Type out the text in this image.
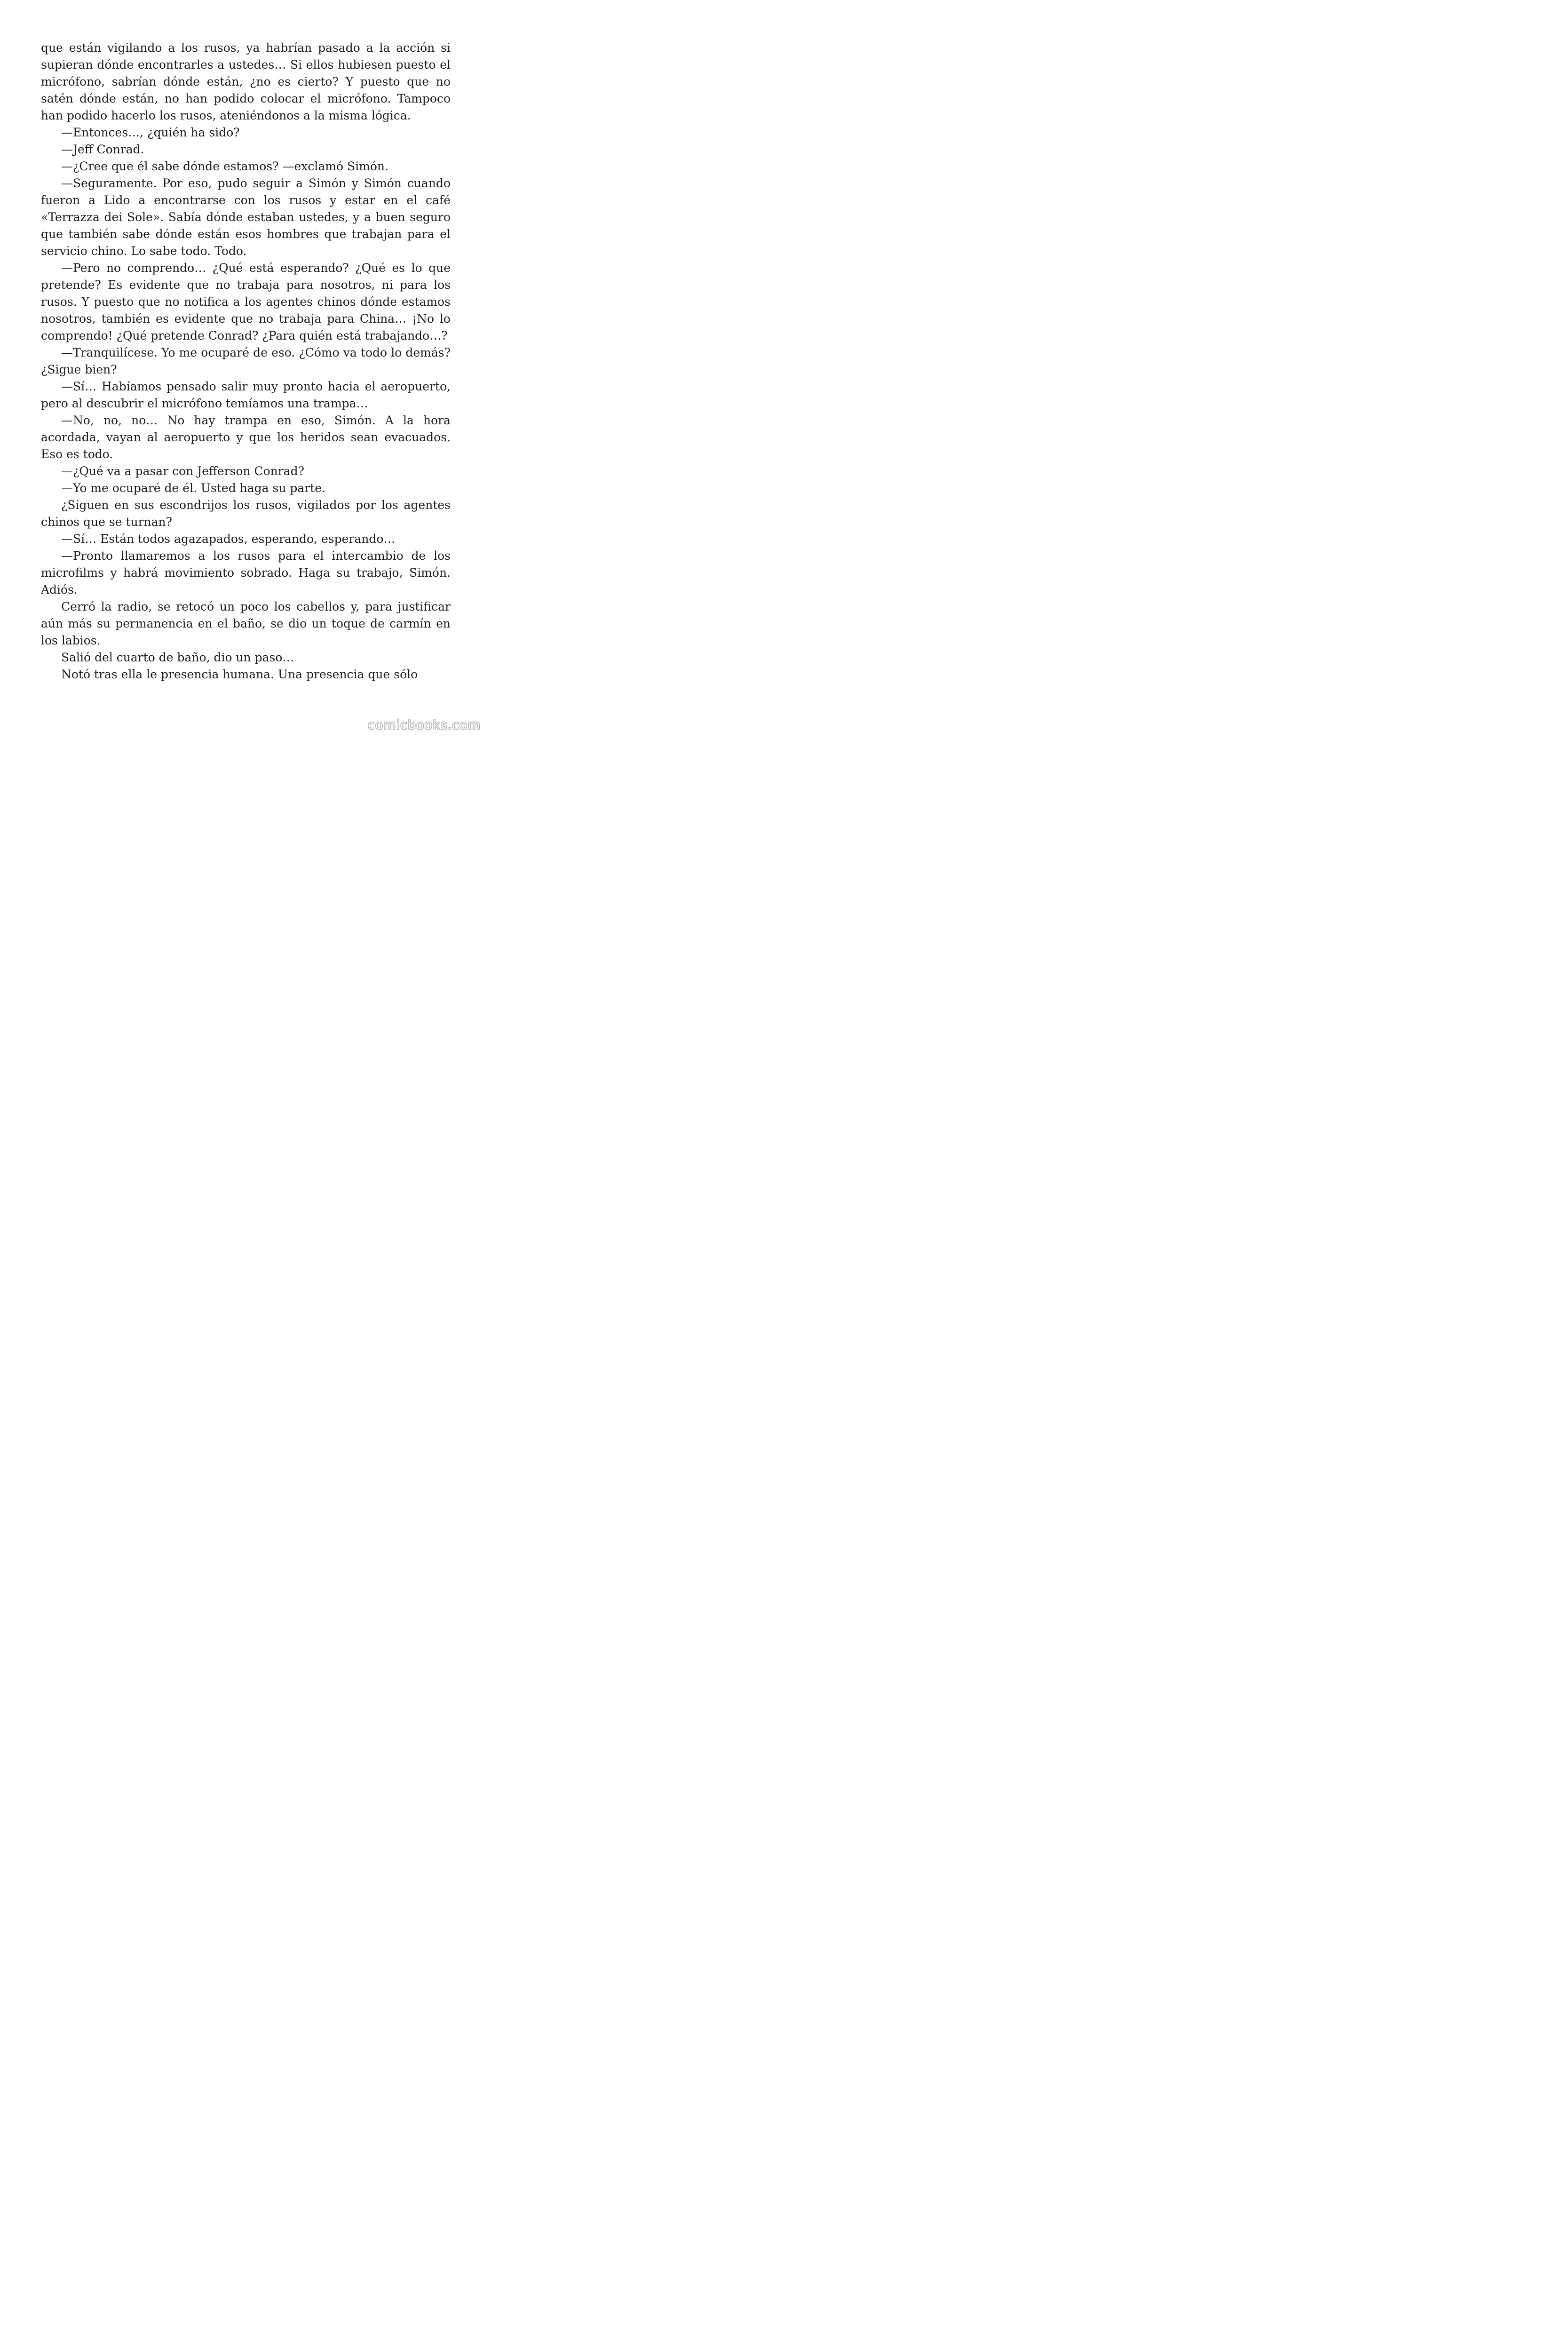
que están vigilando a los rusos, ya habrían pasado a la acción si supieran dónde encontrarles a ustedes… Si ellos hubiesen puesto el micrófono, sabrían dónde están, ¿no es cierto? Y puesto que no satén dónde están, no han podido colocar el micrófono. Tampoco han podido hacerlo los rusos, ateniéndonos a la misma lógica.

—Entonces…, ¿quién ha sido?

—Jeff Conrad.

—¿Cree que él sabe dónde estamos? —exclamó Simón.

—Seguramente. Por eso, pudo seguir a Simón y Simón cuando fueron a Lido a encontrarse con los rusos y estar en el café «Terrazza dei Sole». Sabía dónde estaban ustedes, y a buen seguro que también sabe dónde están esos hombres que trabajan para el servicio chino. Lo sabe todo. Todo.

—Pero no comprendo… ¿Qué está esperando? ¿Qué es lo que pretende? Es evidente que no trabaja para nosotros, ni para los rusos. Y puesto que no notifica a los agentes chinos dónde estamos nosotros, también es evidente que no trabaja para China… ¡No lo comprendo! ¿Qué pretende Conrad? ¿Para quién está trabajando…?

—Tranquilícese. Yo me ocuparé de eso. ¿Cómo va todo lo demás? ¿Sigue bien?

—Sí… Habíamos pensado salir muy pronto hacia el aeropuerto, pero al descubrir el micrófono temíamos una trampa…

—No, no, no… No hay trampa en eso, Simón. A la hora acordada, vayan al aeropuerto y que los heridos sean evacuados. Eso es todo.

—¿Qué va a pasar con Jefferson Conrad?

—Yo me ocuparé de él. Usted haga su parte.

¿Siguen en sus escondrijos los rusos, vigilados por los agentes chinos que se turnan?

—Sí… Están todos agazapados, esperando, esperando…

—Pronto llamaremos a los rusos para el intercambio de los microfilms y habrá movimiento sobrado. Haga su trabajo, Simón. Adiós.

Cerró la radio, se retocó un poco los cabellos y, para justificar aún más su permanencia en el baño, se dio un toque de carmín en los labios.

Salió del cuarto de baño, dio un paso…

Notó tras ella le presencia humana. Una presencia que sólo

comicbooks.com
